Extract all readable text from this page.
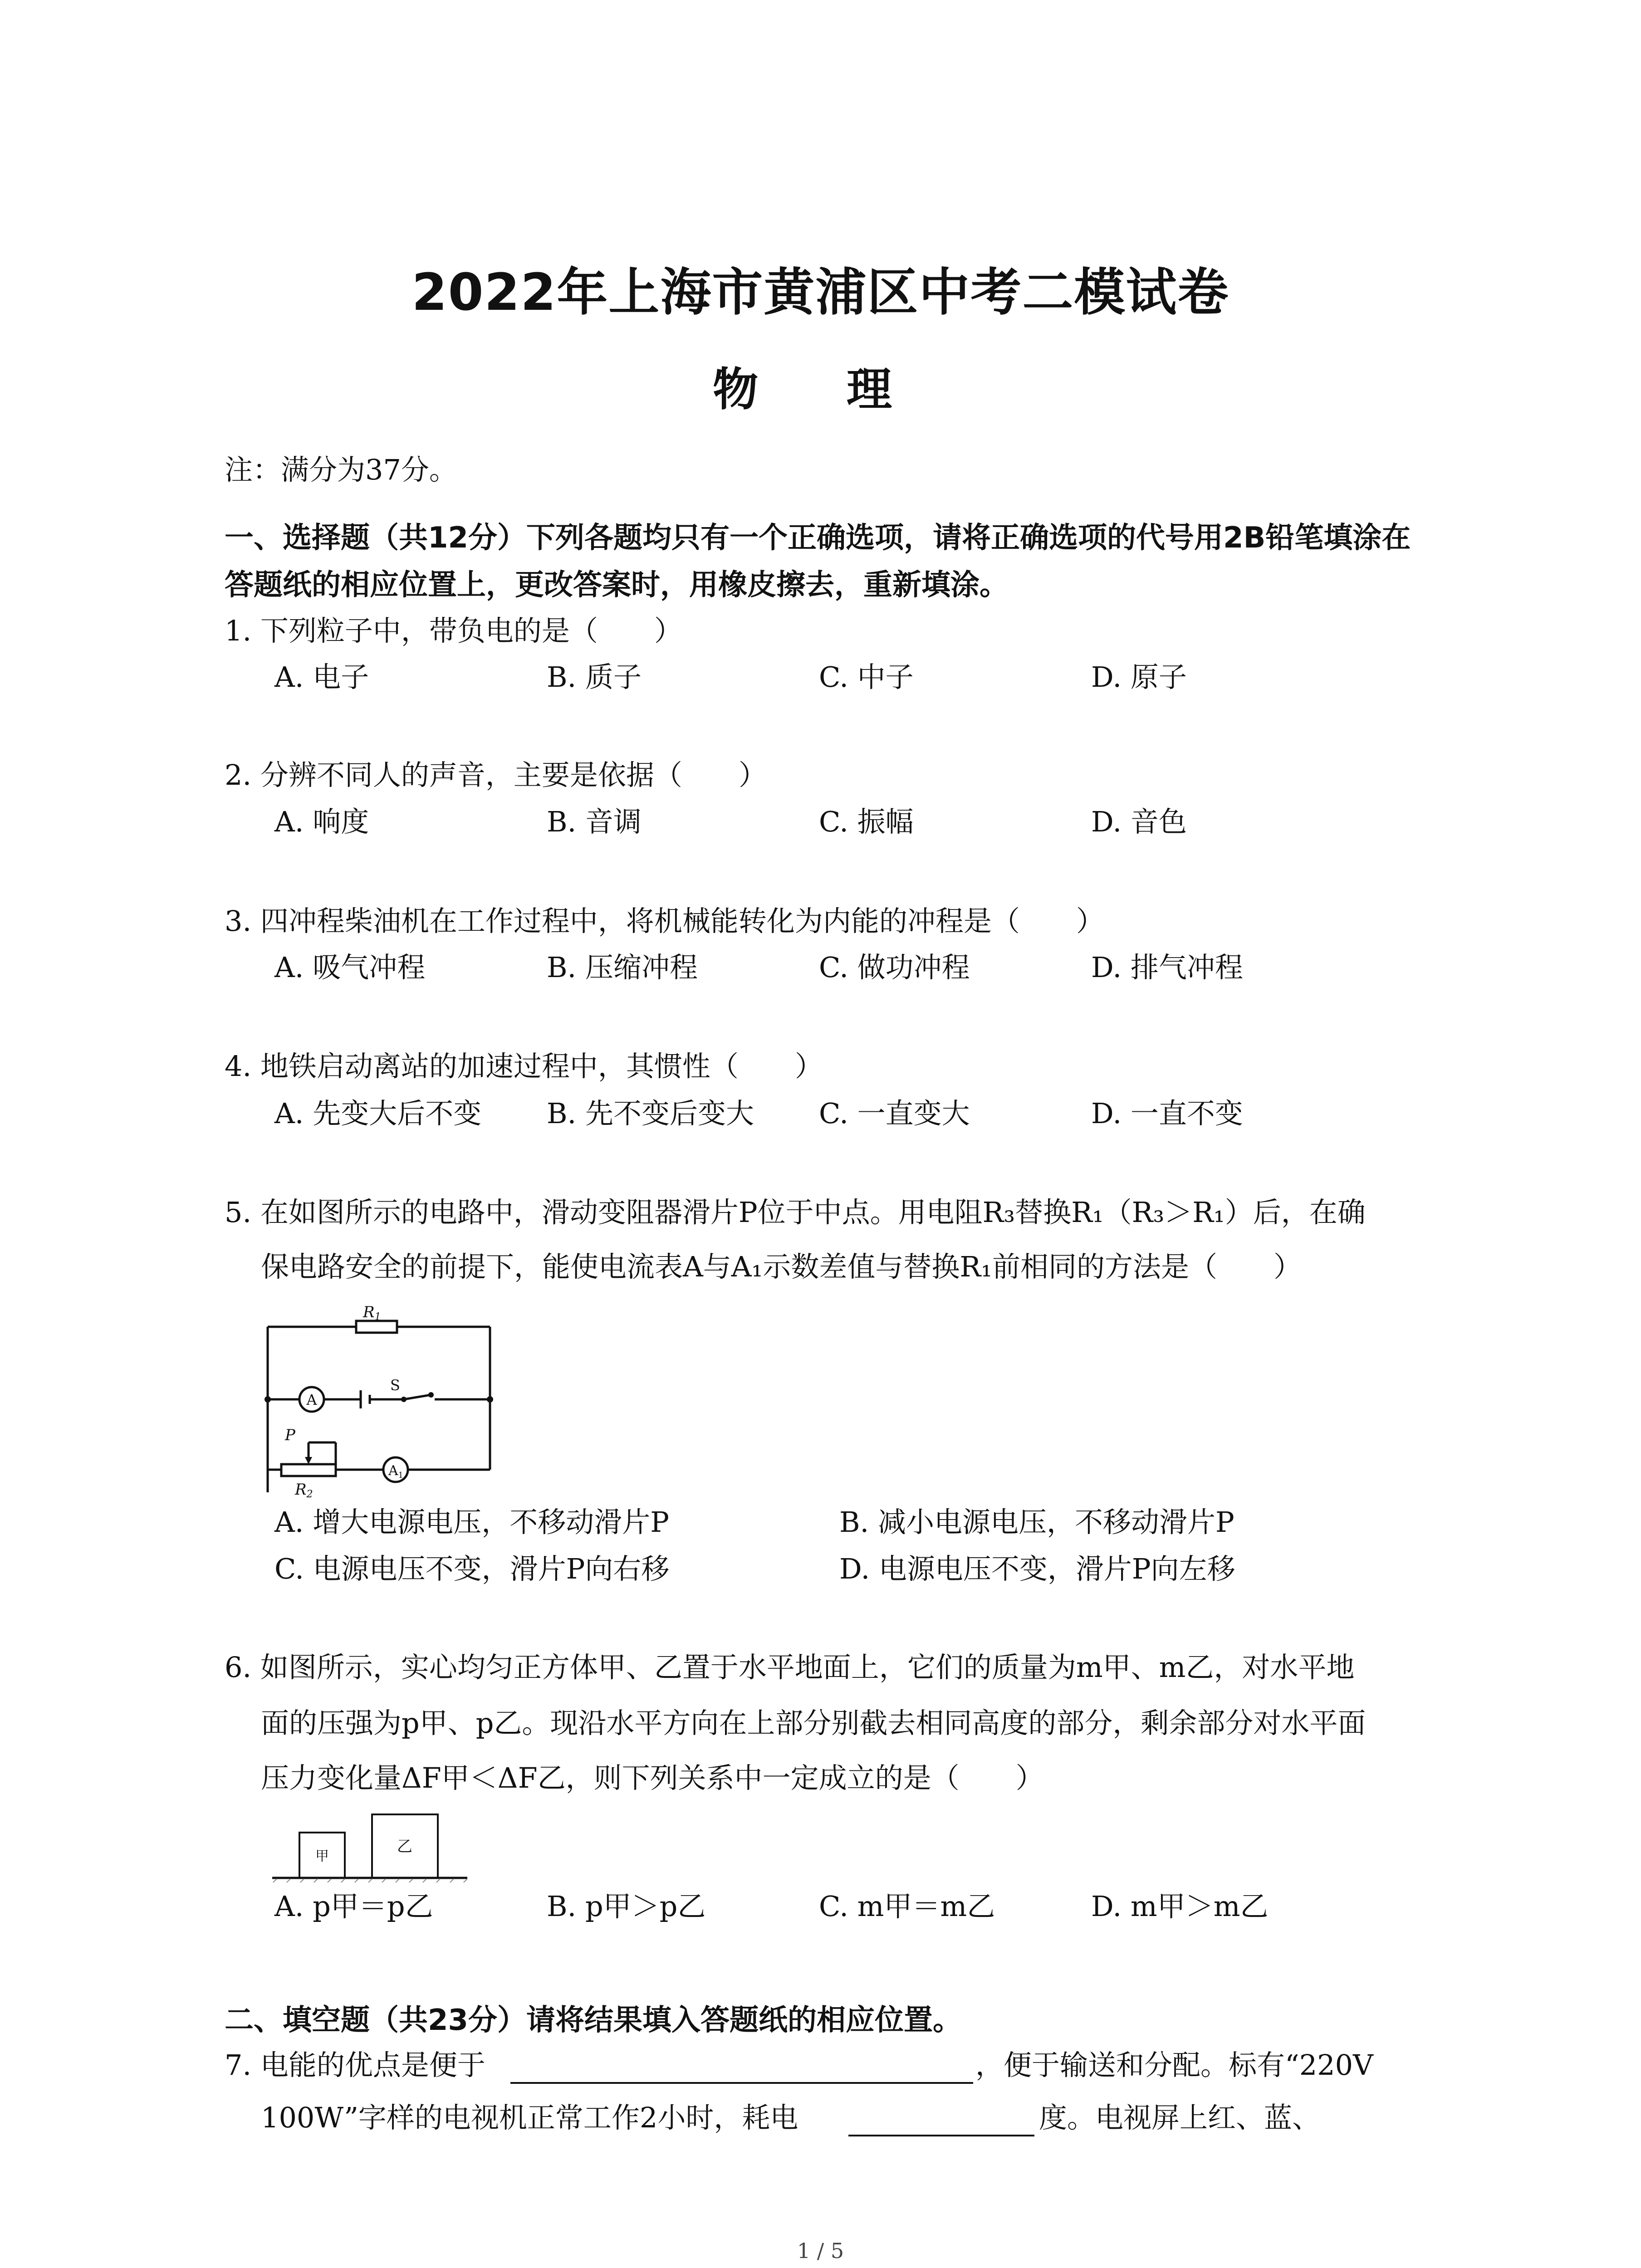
2022年上海市黄浦区中考二模试卷
物 理
注：满分为37分。
一、选择题（共12分）下列各题均只有一个正确选项，请将正确选项的代号用2B铅笔填涂在
答题纸的相应位置上，更改答案时，用橡皮擦去，重新填涂。
1. 下列粒子中，带负电的是（　　）
A. 电子	B. 质子	C. 中子	D. 原子
2. 分辨不同人的声音，主要是依据（　　）
A. 响度	B. 音调	C. 振幅	D. 音色
3. 四冲程柴油机在工作过程中，将机械能转化为内能的冲程是（　　）
A. 吸气冲程	B. 压缩冲程	C. 做功冲程	D. 排气冲程
4. 地铁启动离站的加速过程中，其惯性（　　）
A. 先变大后不变 B. 先不变后变大 C. 一直变大	D. 一直不变
5. 在如图所示的电路中，滑动变阻器滑片P位于中点。用电阻R₃替换R₁（R₃＞R₁）后，在确
保电路安全的前提下，能使电流表A与A₁示数差值与替换R₁前相同的方法是（　　）
R1
A
S
P
R2
$A_1$
A. 增大电源电压，不移动滑片P	B. 减小电源电压，不移动滑片P
C. 电源电压不变，滑片P向右移	D. 电源电压不变，滑片P向左移
6. 如图所示，实心均匀正方体甲、乙置于水平地面上，它们的质量为m甲、m乙，对水平地
面的压强为p甲、p乙。现沿水平方向在上部分别截去相同高度的部分，剩余部分对水平面
压力变化量ΔF甲＜ΔF乙，则下列关系中一定成立的是（　　）
甲
乙
A. p甲＝p乙	B. p甲＞p乙	C. m甲＝m乙	D. m甲＞m乙
二、填空题（共23分）请将结果填入答题纸的相应位置。
7. 电能的优点是便于	，便于输送和分配。标有“220V
100W”字样的电视机正常工作2小时，耗电	度。电视屏上红、蓝、
1 / 5
